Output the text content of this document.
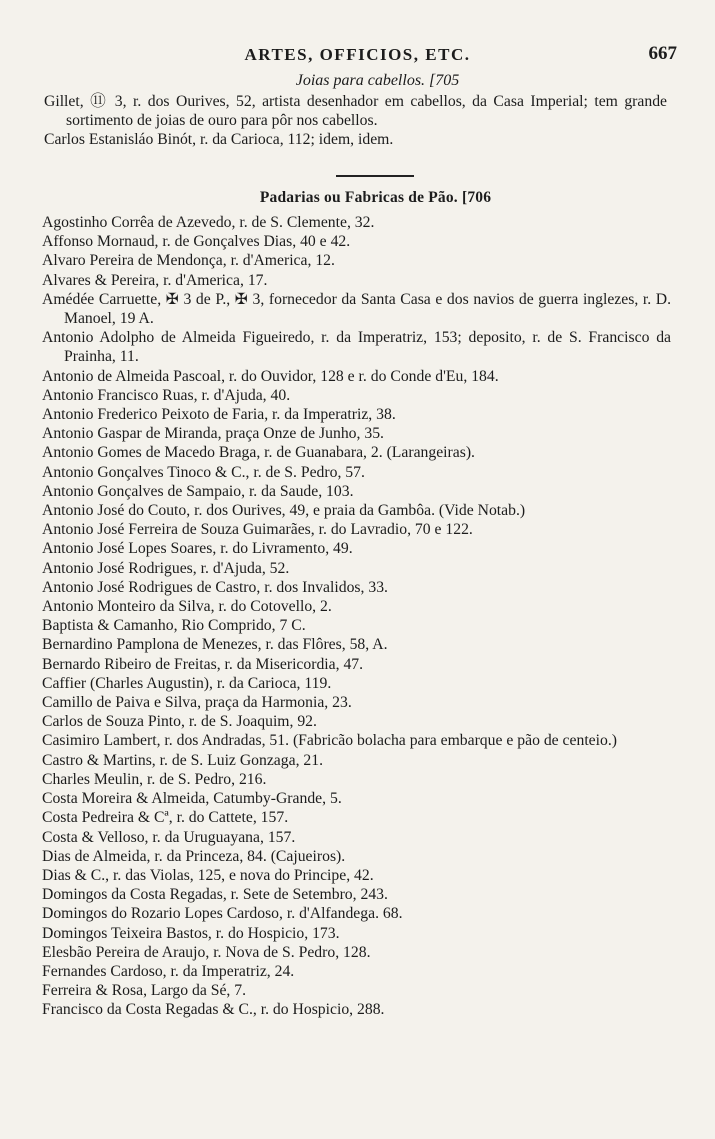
ARTES, OFFICIOS, ETC.	667
Joias para cabellos. [705
Gillet, ⑪ 3, r. dos Ourives, 52, artista desenhador em cabellos, da Casa Imperial; tem grande sortimento de joias de ouro para pôr nos cabellos.
Carlos Estanisláo Binót, r. da Carioca, 112; idem, idem.
Padarias ou Fabricas de Pão. [706
Agostinho Corrêa de Azevedo, r. de S. Clemente, 32.
Affonso Mornaud, r. de Gonçalves Dias, 40 e 42.
Alvaro Pereira de Mendonça, r. d'America, 12.
Alvares & Pereira, r. d'America, 17.
Amédée Carruette, ✠ 3 de P., ✠ 3, fornecedor da Santa Casa e dos navios de guerra inglezes, r. D. Manoel, 19 A.
Antonio Adolpho de Almeida Figueiredo, r. da Imperatriz, 153; deposito, r. de S. Francisco da Prainha, 11.
Antonio de Almeida Pascoal, r. do Ouvidor, 128 e r. do Conde d'Eu, 184.
Antonio Francisco Ruas, r. d'Ajuda, 40.
Antonio Frederico Peixoto de Faria, r. da Imperatriz, 38.
Antonio Gaspar de Miranda, praça Onze de Junho, 35.
Antonio Gomes de Macedo Braga, r. de Guanabara, 2. (Larangeiras).
Antonio Gonçalves Tinoco & C., r. de S. Pedro, 57.
Antonio Gonçalves de Sampaio, r. da Saude, 103.
Antonio José do Couto, r. dos Ourives, 49, e praia da Gambôa. (Vide Notab.)
Antonio José Ferreira de Souza Guimarães, r. do Lavradio, 70 e 122.
Antonio José Lopes Soares, r. do Livramento, 49.
Antonio José Rodrigues, r. d'Ajuda, 52.
Antonio José Rodrigues de Castro, r. dos Invalidos, 33.
Antonio Monteiro da Silva, r. do Cotovello, 2.
Baptista & Camanho, Rio Comprido, 7 C.
Bernardino Pamplona de Menezes, r. das Flôres, 58, A.
Bernardo Ribeiro de Freitas, r. da Misericordia, 47.
Caffier (Charles Augustin), r. da Carioca, 119.
Camillo de Paiva e Silva, praça da Harmonia, 23.
Carlos de Souza Pinto, r. de S. Joaquim, 92.
Casimiro Lambert, r. dos Andradas, 51. (Fabricão bolacha para embarque e pão de centeio.)
Castro & Martins, r. de S. Luiz Gonzaga, 21.
Charles Meulin, r. de S. Pedro, 216.
Costa Moreira & Almeida, Catumby-Grande, 5.
Costa Pedreira & Cª, r. do Cattete, 157.
Costa & Velloso, r. da Uruguayana, 157.
Dias de Almeida, r. da Princeza, 84. (Cajueiros).
Dias & C., r. das Violas, 125, e nova do Principe, 42.
Domingos da Costa Regadas, r. Sete de Setembro, 243.
Domingos do Rozario Lopes Cardoso, r. d'Alfandega. 68.
Domingos Teixeira Bastos, r. do Hospicio, 173.
Elesbão Pereira de Araujo, r. Nova de S. Pedro, 128.
Fernandes Cardoso, r. da Imperatriz, 24.
Ferreira & Rosa, Largo da Sé, 7.
Francisco da Costa Regadas & C., r. do Hospicio, 288.
